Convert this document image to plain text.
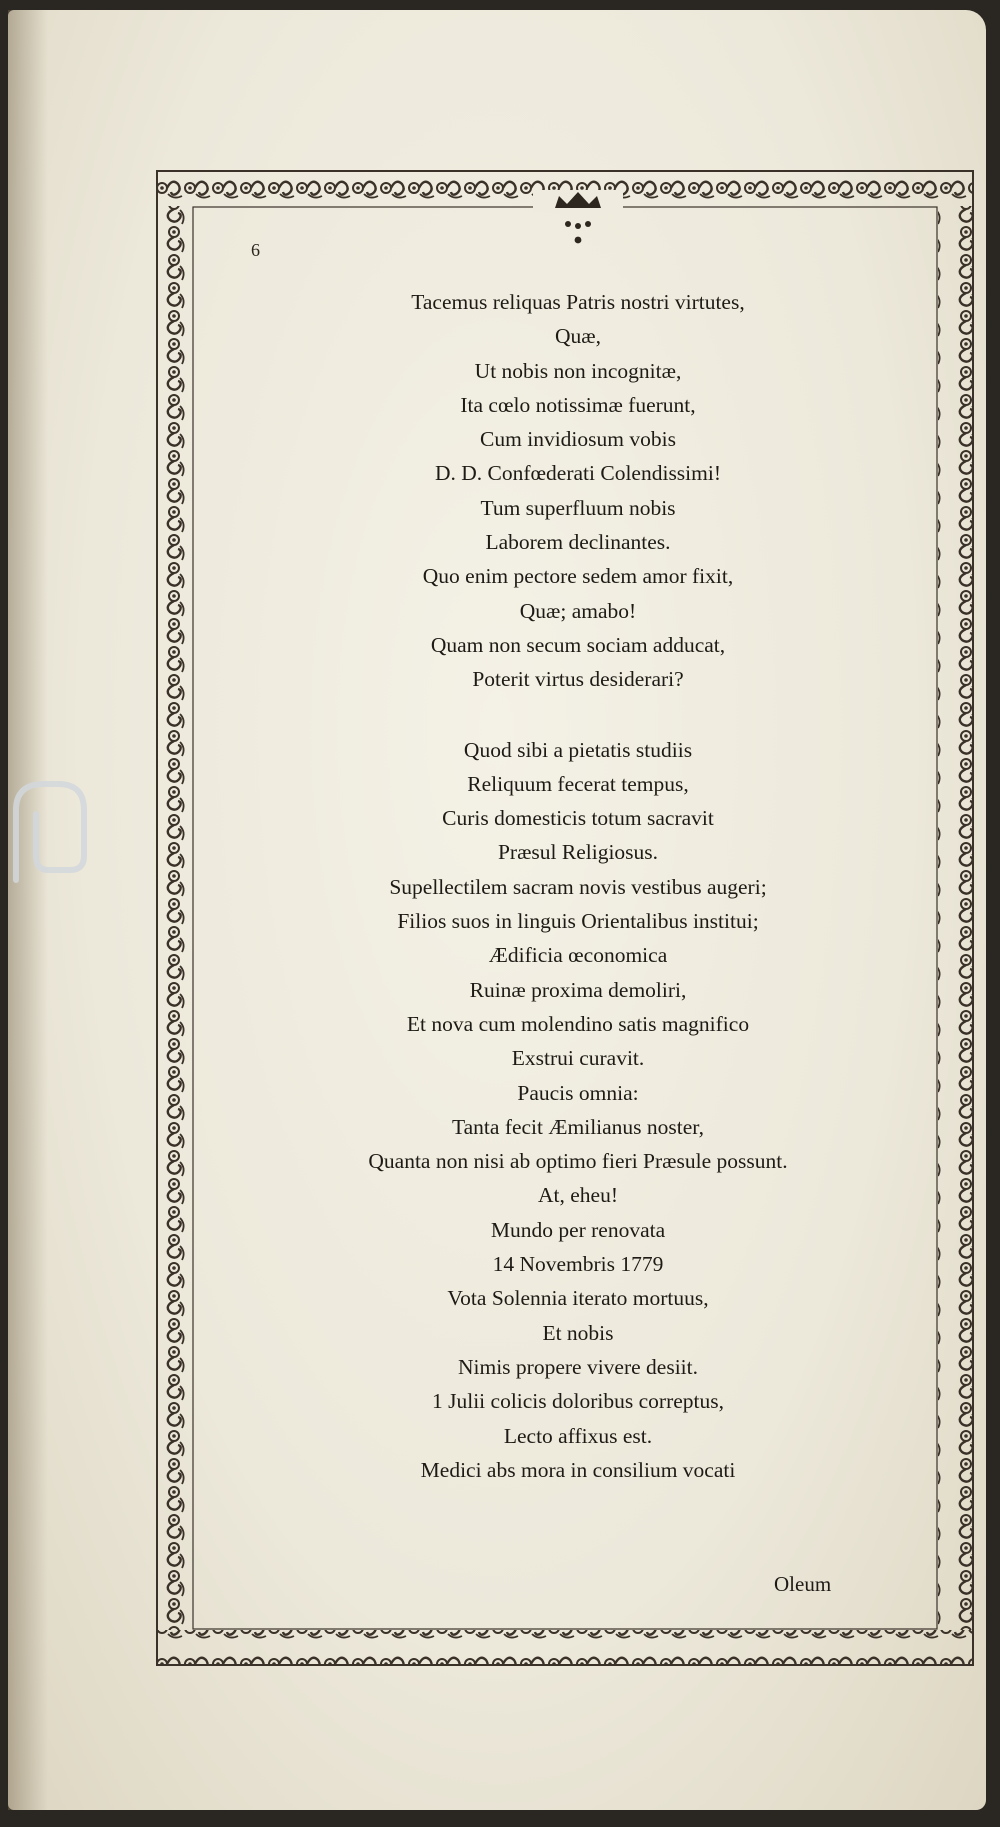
6
Tacemus reliquas Patris nostri virtutes,
Quæ,
Ut nobis non incognitæ,
Ita cœlo notissimæ fuerunt,
Cum invidiosum vobis
D. D. Confœderati Colendissimi!
Tum superfluum nobis
Laborem declinantes.
Quo enim pectore sedem amor fixit,
Quæ; amabo!
Quam non secum sociam adducat,
Poterit virtus desiderari?
Quod sibi a pietatis studiis
Reliquum fecerat tempus,
Curis domesticis totum sacravit
Præsul Religiosus.
Supellectilem sacram novis vestibus augeri;
Filios suos in linguis Orientalibus institui;
Ædificia œconomica
Ruinæ proxima demoliri,
Et nova cum molendino satis magnifico
Exstrui curavit.
Paucis omnia:
Tanta fecit Æmilianus noster,
Quanta non nisi ab optimo fieri Præsule possunt.
At, eheu!
Mundo per renovata
14 Novembris 1779
Vota Solennia iterato mortuus,
Et nobis
Nimis propere vivere desiit.
1 Julii colicis doloribus correptus,
Lecto affixus est.
Medici abs mora in consilium vocati
Oleum
